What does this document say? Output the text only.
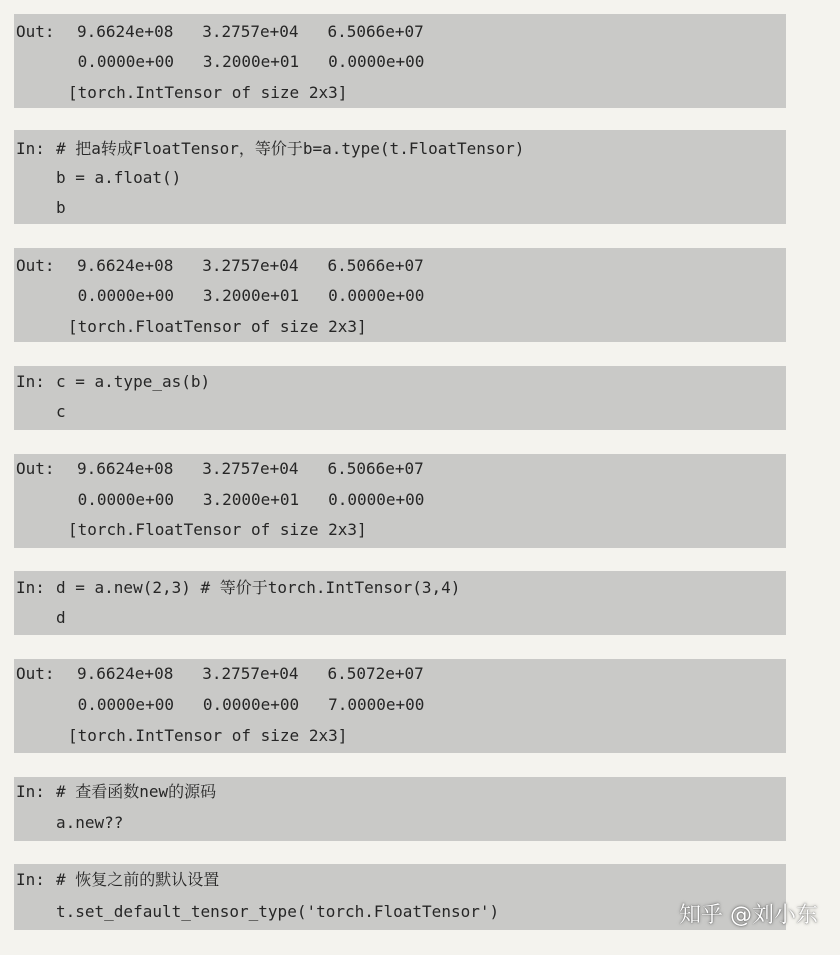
Out: 9.6624e+08   3.2757e+04   6.5066e+07
0.0000e+00   3.2000e+01   0.0000e+00
[torch.IntTensor of size 2x3]
In: # 把a转成FloatTensor，等价于b=a.type(t.FloatTensor)
b = a.float()
b
Out: 9.6624e+08   3.2757e+04   6.5066e+07
0.0000e+00   3.2000e+01   0.0000e+00
[torch.FloatTensor of size 2x3]
In: c = a.type_as(b)
c
Out: 9.6624e+08   3.2757e+04   6.5066e+07
0.0000e+00   3.2000e+01   0.0000e+00
[torch.FloatTensor of size 2x3]
In: d = a.new(2,3) # 等价于torch.IntTensor(3,4)
d
Out: 9.6624e+08   3.2757e+04   6.5072e+07
0.0000e+00   0.0000e+00   7.0000e+00
[torch.IntTensor of size 2x3]
In: # 查看函数new的源码
a.new??
In: # 恢复之前的默认设置
t.set_default_tensor_type('torch.FloatTensor')	知乎 @刘小东
